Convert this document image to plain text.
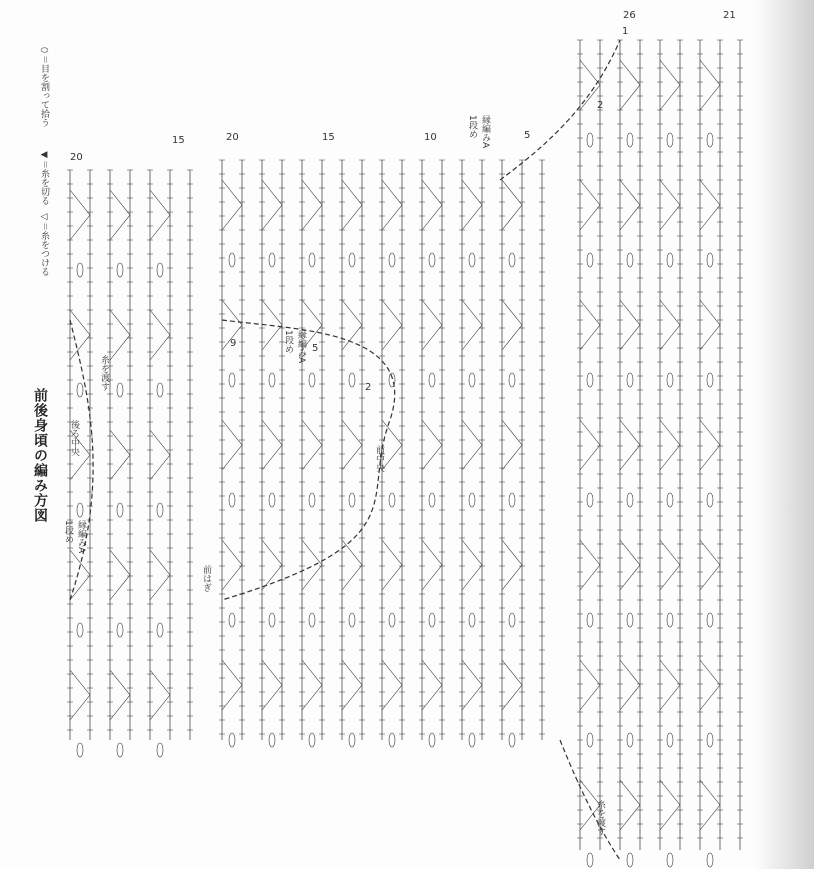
前後身頃の編み方図
◁＝糸をつける
◀＝糸を切る
⬭＝目を割って拾う
後ろ中央
前中央
糸を渡す
糸を渡す
前はぎ
縁編みA
1段め
縁編みA
1段め
縁編みA
1段め
20
15	20	15	10	5
9	5
2
2
1
26	21
